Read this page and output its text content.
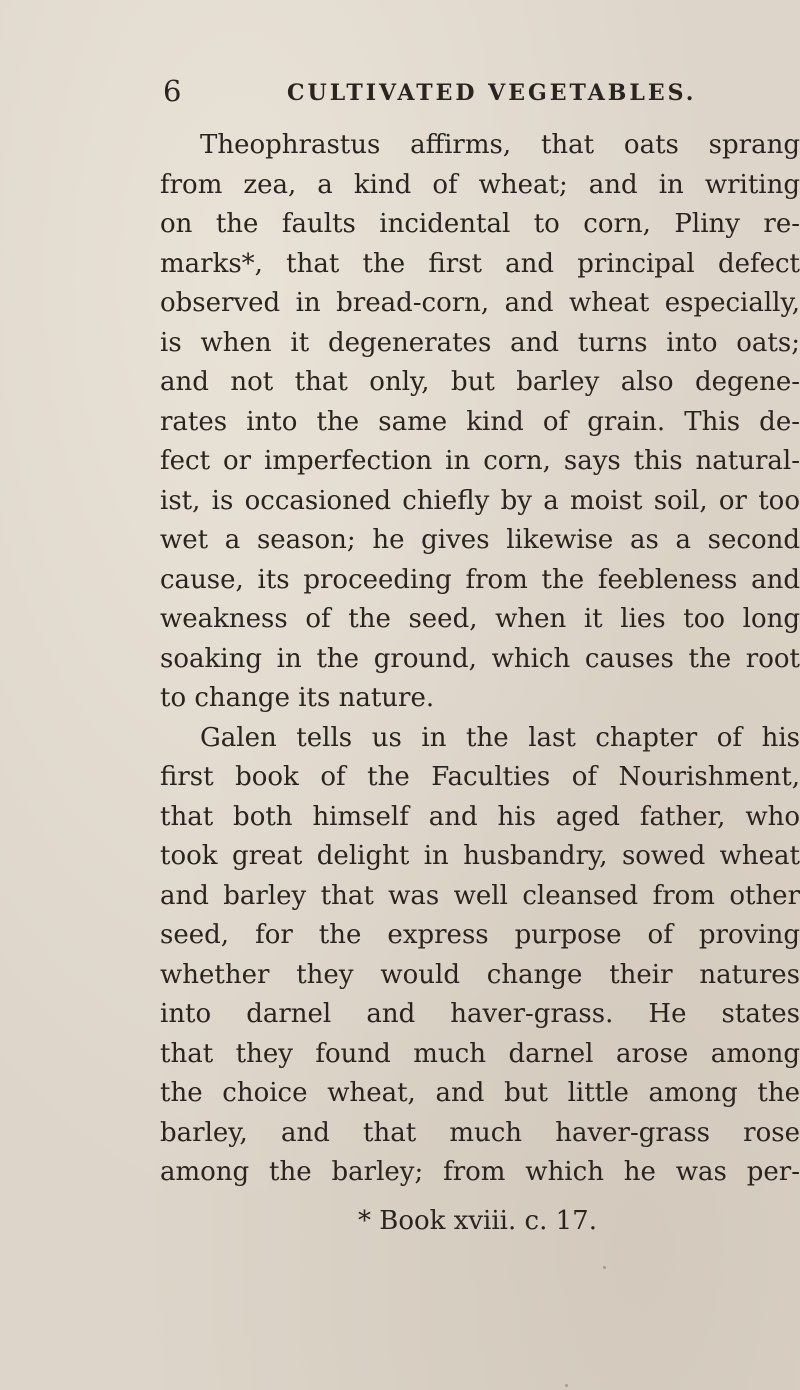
6	CULTIVATED VEGETABLES.
Theophrastus affirms, that oats sprang
from zea, a kind of wheat; and in writing
on the faults incidental to corn, Pliny re-
marks*, that the first and principal defect
observed in bread-corn, and wheat especially,
is when it degenerates and turns into oats;
and not that only, but barley also degene-
rates into the same kind of grain. This de-
fect or imperfection in corn, says this natural-
ist, is occasioned chiefly by a moist soil, or too
wet a season; he gives likewise as a second
cause, its proceeding from the feebleness and
weakness of the seed, when it lies too long
soaking in the ground, which causes the root
to change its nature.
Galen tells us in the last chapter of his
first book of the Faculties of Nourishment,
that both himself and his aged father, who
took great delight in husbandry, sowed wheat
and barley that was well cleansed from other
seed, for the express purpose of proving
whether they would change their natures
into darnel and haver-grass. He states
that they found much darnel arose among
the choice wheat, and but little among the
barley, and that much haver-grass rose
among the barley; from which he was per-
* Book xviii. c. 17.
